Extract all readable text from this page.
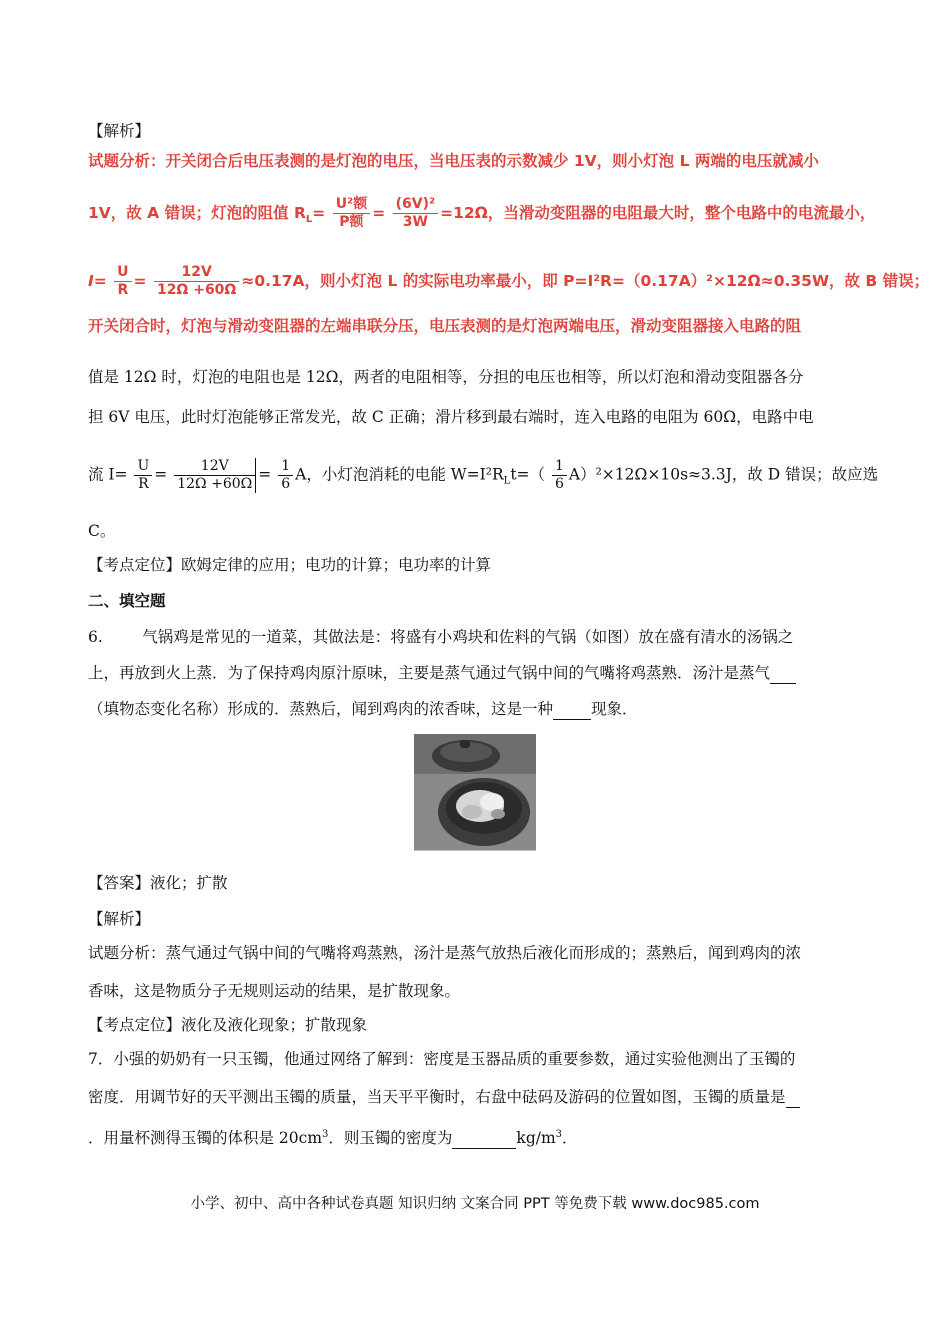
【解析】
试题分析：开关闭合后电压表测的是灯泡的电压，当电压表的示数减少 1V，则小灯泡 L 两端的电压就减小
1V，故 A 错误；灯泡的阻值 $R_L= \frac{\text{U²额}}{\text{P额}} = \frac{\text{(6V)²}}{3W} =12\Omega$，当滑动变阻器的电阻最大时，整个电路中的电流最小，
$I= \frac{U}{R} = \frac{12V}{12\Omega +60\Omega} \approx 0.17A$，则小灯泡 L 的实际电功率最小，即 P=I²R=（0.17A）²×12Ω≈0.35W，故 B 错误；
开关闭合时，灯泡与滑动变阻器的左端串联分压，电压表测的是灯泡两端电压，滑动变阻器接入电路的阻
值是 12Ω 时，灯泡的电阻也是 12Ω，两者的电阻相等，分担的电压也相等，所以灯泡和滑动变阻器各分
担 6V 电压，此时灯泡能够正常发光，故 C 正确；滑片移到最右端时，连入电路的电阻为 60Ω，电路中电
流 $I= \frac{U}{R} = \frac{12V}{12\Omega +60\Omega} = \frac{1}{6}$ A，小灯泡消耗的电能 $W=I^2R_Lt=( \frac{1}{6} A)^2\times 12\Omega\times 10s\approx 3.3J$，故 D 错误；故应选
C。
【考点定位】欧姆定律的应用；电功的计算；电功率的计算
二、填空题
6.        气锅鸡是常见的一道菜，其做法是：将盛有小鸡块和佐料的气锅（如图）放在盛有清水的汤锅之
上，再放到火上蒸．为了保持鸡肉原汁原味，主要是蒸气通过气锅中间的气嘴将鸡蒸熟．汤汁是蒸气
（填物态变化名称）形成的．蒸熟后，闻到鸡肉的浓香味，这是一种 现象．
【答案】液化；扩散
【解析】
试题分析：蒸气通过气锅中间的气嘴将鸡蒸熟，汤汁是蒸气放热后液化而形成的；蒸熟后，闻到鸡肉的浓
香味，这是物质分子无规则运动的结果，是扩散现象。
【考点定位】液化及液化现象；扩散现象
7．小强的奶奶有一只玉镯，他通过网络了解到：密度是玉器品质的重要参数，通过实验他测出了玉镯的
密度．用调节好的天平测出玉镯的质量，当天平平衡时，右盘中砝码及游码的位置如图，玉镯的质量是
．用量杯测得玉镯的体积是 $20cm^3$．则玉镯的密度为	$kg/m^3$．
小学、初中、高中各种试卷真题 知识归纳 文案合同 PPT 等免费下载 www.doc985.com
